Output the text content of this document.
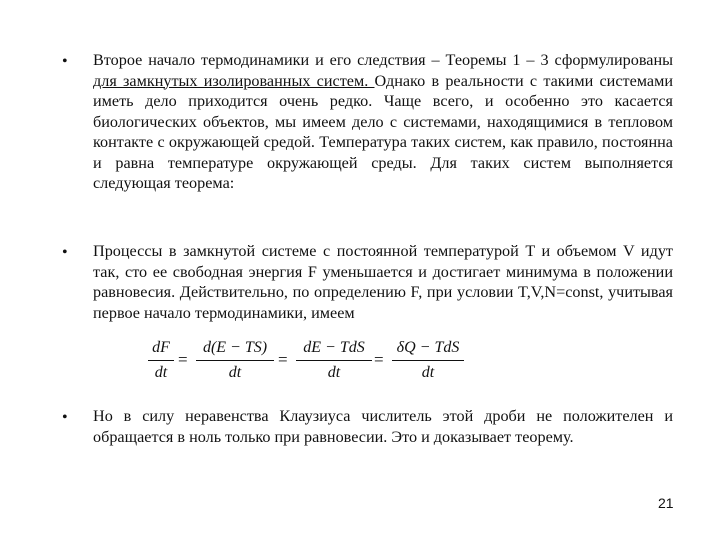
• Второе начало термодинамики и его следствия – Теоремы 1 – 3 сформулированы для замкнутых изолированных систем. Однако в реальности с такими системами иметь дело приходится очень редко. Чаще всего, и особенно это касается биологических объектов, мы имеем дело с системами, находящимися в тепловом контакте с окружающей средой. Температура таких систем, как правило, постоянна и равна температуре окружающей среды. Для таких систем выполняется следующая теорема:
• Процессы в замкнутой системе с постоянной температурой T и объемом V идут так, сто ее свободная энергия F уменьшается и достигает минимума в положении равновесия. Действительно, по определению F, при условии T,V,N=const, учитывая первое начало термодинамики, имеем
dF
dt
=
d(E − TS)
dt
=
dE − TdS
dt
=
δQ − TdS
dt
• Но в силу неравенства Клаузиуса числитель этой дроби не положителен и обращается в ноль только при равновесии. Это и доказывает теорему.
21
